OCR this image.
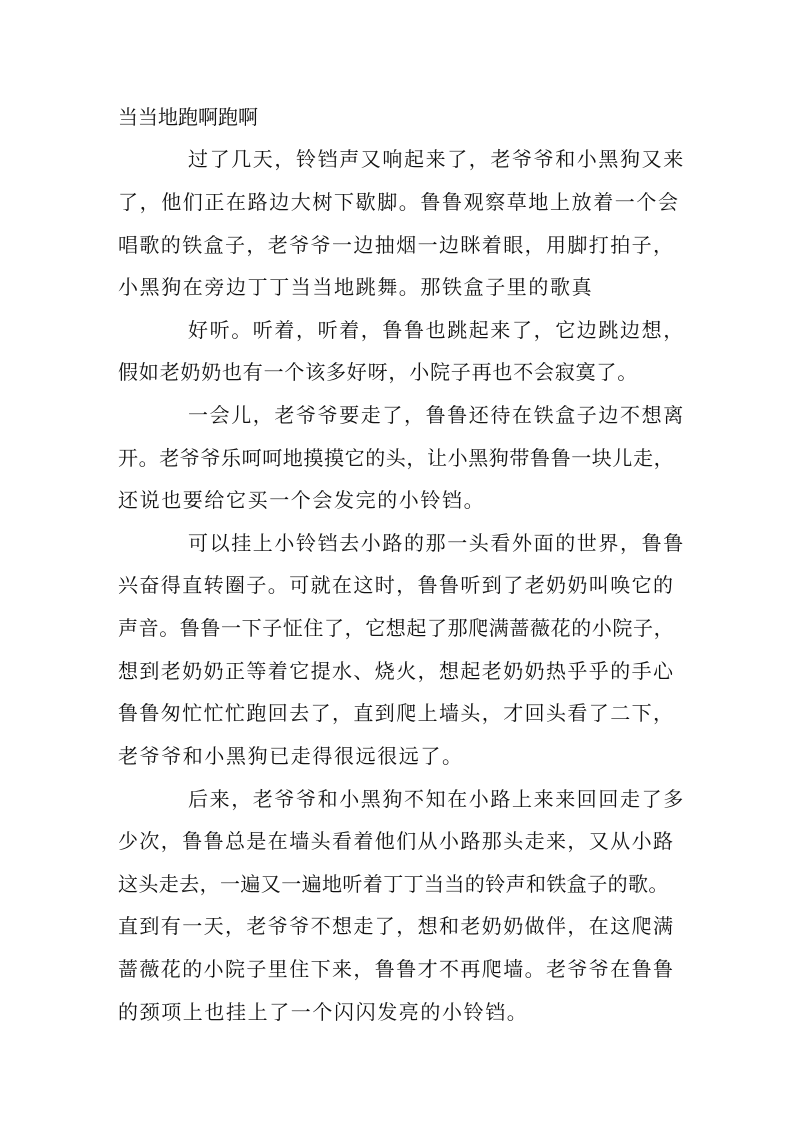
当当地跑啊跑啊
过了几天，铃铛声又响起来了，老爷爷和小黑狗又来
了，他们正在路边大树下歇脚。鲁鲁观察草地上放着一个会
唱歌的铁盒子，老爷爷一边抽烟一边眯着眼，用脚打拍子，
小黑狗在旁边丁丁当当地跳舞。那铁盒子里的歌真
好听。听着，听着，鲁鲁也跳起来了，它边跳边想，
假如老奶奶也有一个该多好呀，小院子再也不会寂寞了。
一会儿，老爷爷要走了，鲁鲁还待在铁盒子边不想离
开。老爷爷乐呵呵地摸摸它的头，让小黑狗带鲁鲁一块儿走，
还说也要给它买一个会发完的小铃铛。
可以挂上小铃铛去小路的那一头看外面的世界，鲁鲁
兴奋得直转圈子。可就在这时，鲁鲁听到了老奶奶叫唤它的
声音。鲁鲁一下子怔住了，它想起了那爬满蔷薇花的小院子，
想到老奶奶正等着它提水、烧火，想起老奶奶热乎乎的手心
鲁鲁匆忙忙忙跑回去了，直到爬上墙头，才回头看了二下，
老爷爷和小黑狗已走得很远很远了。
后来，老爷爷和小黑狗不知在小路上来来回回走了多
少次，鲁鲁总是在墙头看着他们从小路那头走来，又从小路
这头走去，一遍又一遍地听着丁丁当当的铃声和铁盒子的歌。
直到有一天，老爷爷不想走了，想和老奶奶做伴，在这爬满
蔷薇花的小院子里住下来，鲁鲁才不再爬墙。老爷爷在鲁鲁
的颈项上也挂上了一个闪闪发亮的小铃铛。
